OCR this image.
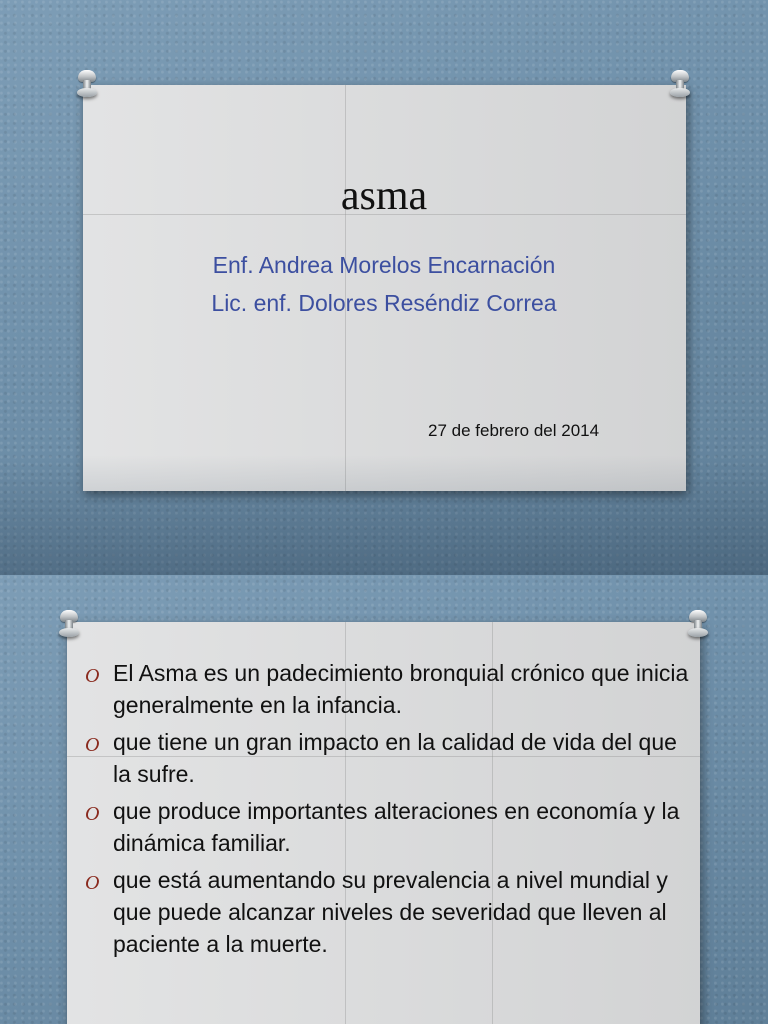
asma
Enf. Andrea Morelos Encarnación
Lic. enf. Dolores Reséndiz Correa
27 de febrero del 2014
O El Asma es un padecimiento bronquial crónico que inicia generalmente en la infancia.
O que tiene un gran impacto en la calidad de vida del que la sufre.
O que produce importantes alteraciones en economía y la dinámica familiar.
O que está aumentando su prevalencia a nivel mundial y que puede alcanzar niveles de severidad que lleven al paciente a la muerte.
